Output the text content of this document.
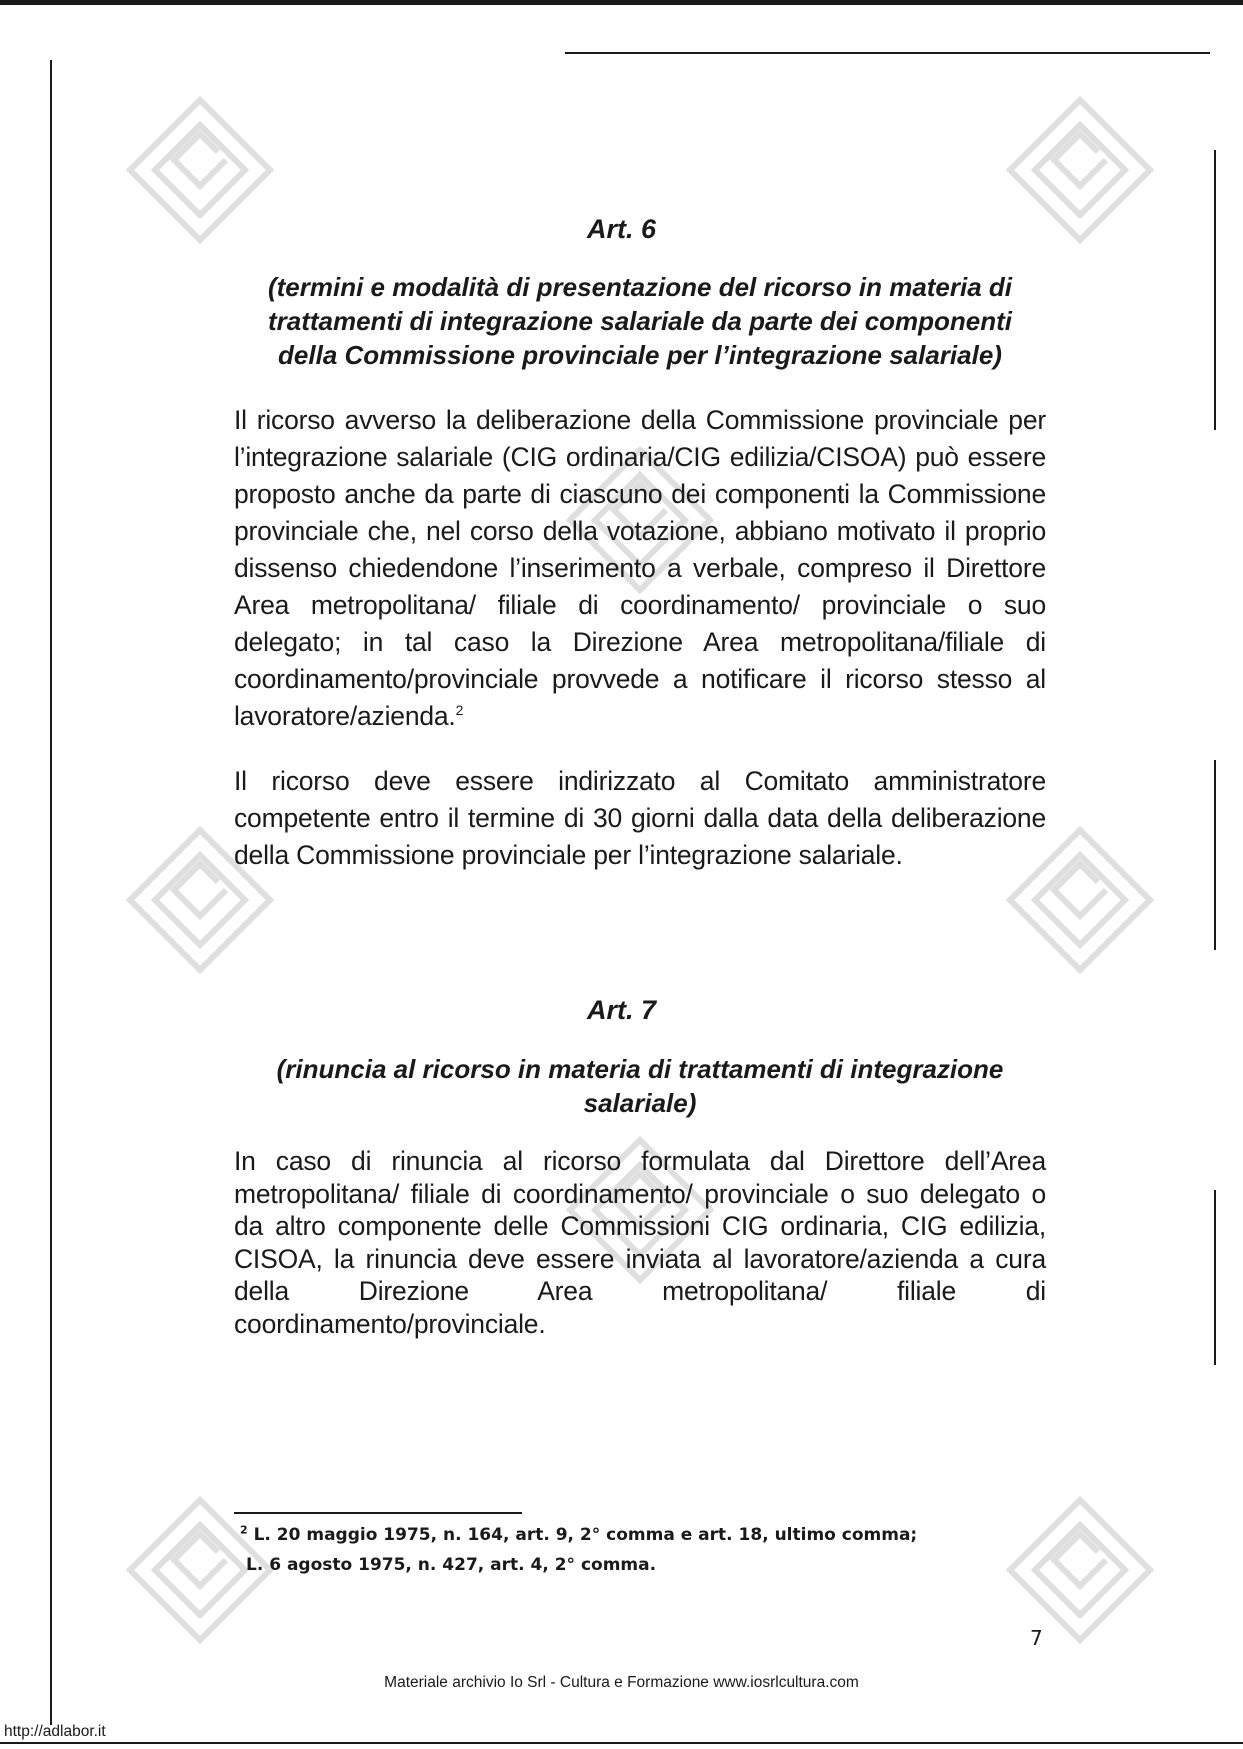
Art. 6

(termini e modalità di presentazione del ricorso in materia di
trattamenti di integrazione salariale da parte dei componenti
della Commissione provinciale per l’integrazione salariale)

Il ricorso avverso la deliberazione della Commissione provinciale per l’integrazione salariale (CIG ordinaria/CIG edilizia/CISOA) può essere proposto anche da parte di ciascuno dei componenti la Commissione provinciale che, nel corso della votazione, abbiano motivato il proprio dissenso chiedendone l’inserimento a verbale, compreso il Direttore Area metropolitana/ filiale di coordinamento/ provinciale o suo delegato; in tal caso la Direzione Area metropolitana/filiale di coordinamento/provinciale provvede a notificare il ricorso stesso al lavoratore/azienda.$^2$

Il ricorso deve essere indirizzato al Comitato amministratore competente entro il termine di 30 giorni dalla data della deliberazione della Commissione provinciale per l’integrazione salariale.

Art. 7

(rinuncia al ricorso in materia di trattamenti di integrazione
salariale)

In caso di rinuncia al ricorso formulata dal Direttore dell’Area metropolitana/ filiale di coordinamento/ provinciale o suo delegato o da altro componente delle Commissioni CIG ordinaria, CIG edilizia, CISOA, la rinuncia deve essere inviata al lavoratore/azienda a cura della Direzione Area metropolitana/ filiale di coordinamento/provinciale.

$^2$ L. 20 maggio 1975, n. 164, art. 9, 2° comma e art. 18, ultimo comma;
L. 6 agosto 1975, n. 427, art. 4, 2° comma.

7

Materiale archivio Io Srl - Cultura e Formazione www.iosrlcultura.com

http://adlabor.it
